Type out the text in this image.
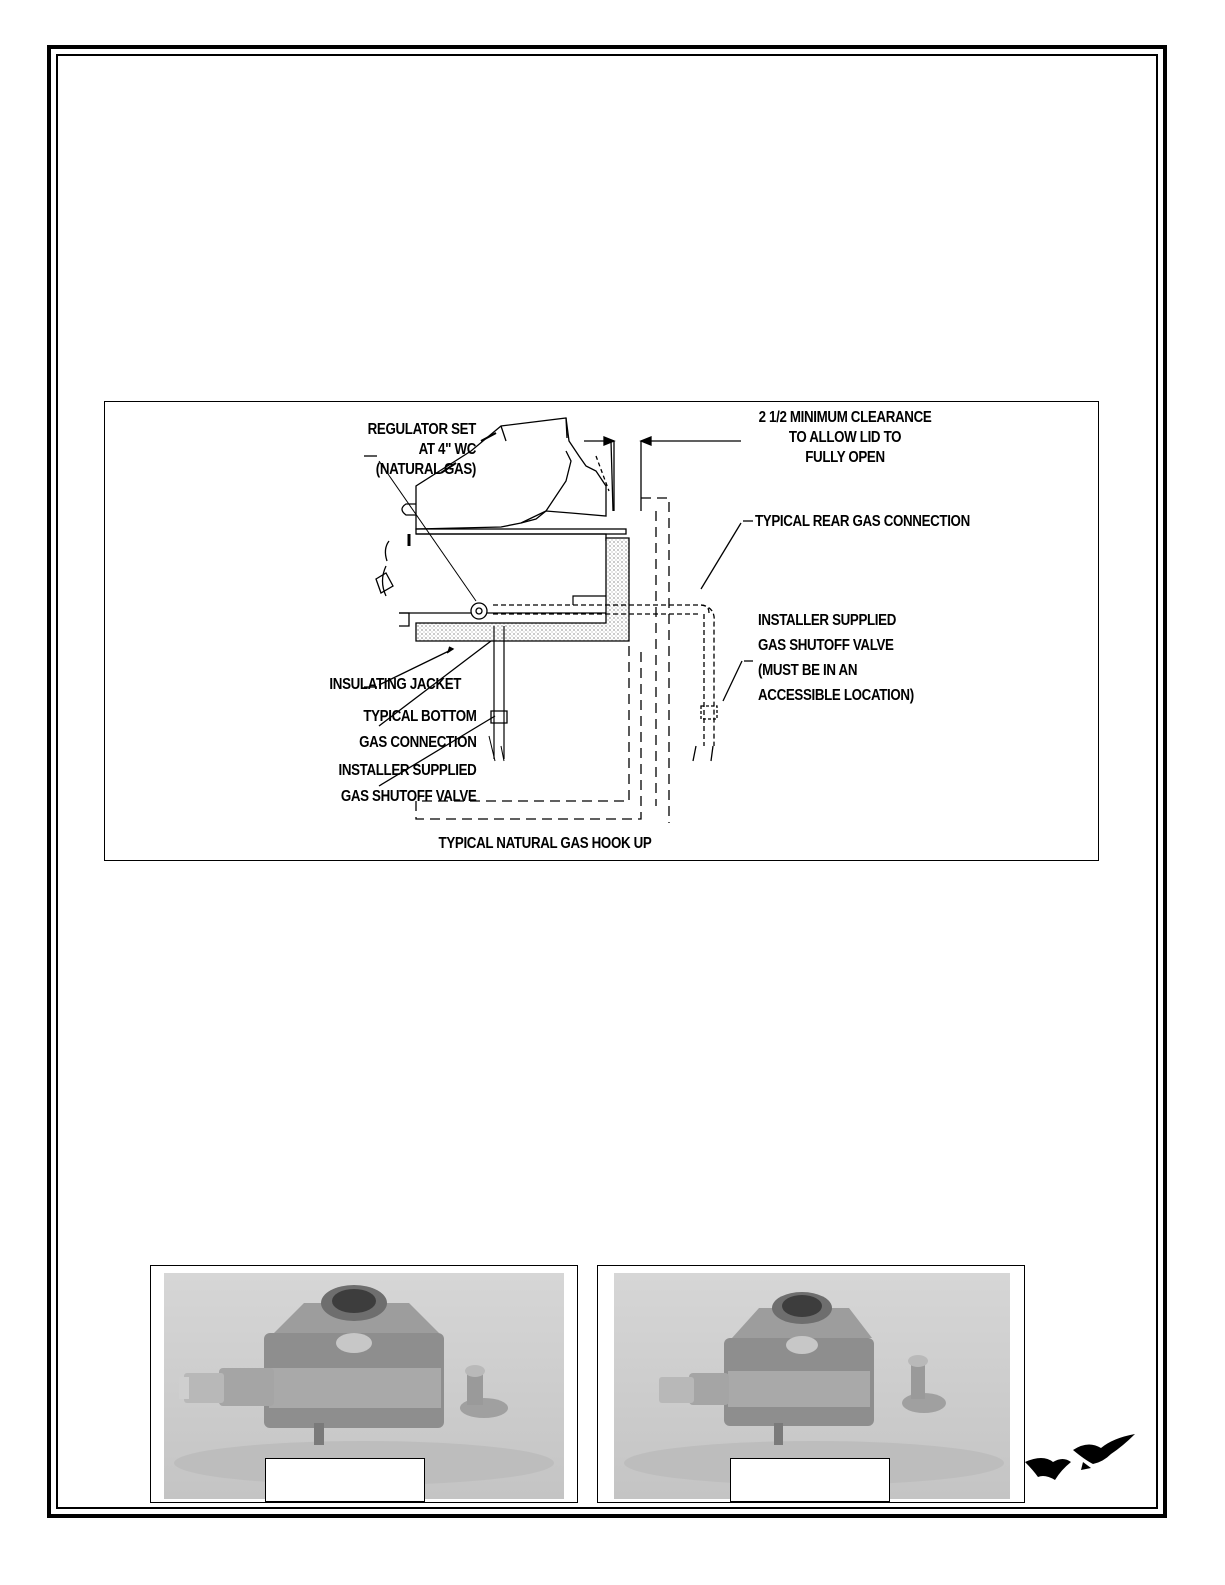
REGULATOR SET
AT 4" WC
(NATURAL GAS)
2 1/2 MINIMUM CLEARANCE
TO ALLOW LID TO
FULLY OPEN
TYPICAL REAR GAS CONNECTION
INSTALLER SUPPLIED
GAS SHUTOFF VALVE
(MUST BE IN AN
ACCESSIBLE LOCATION)
INSULATING JACKET
TYPICAL BOTTOM
GAS CONNECTION
INSTALLER SUPPLIED
GAS SHUTOFF VALVE
TYPICAL NATURAL GAS HOOK UP
